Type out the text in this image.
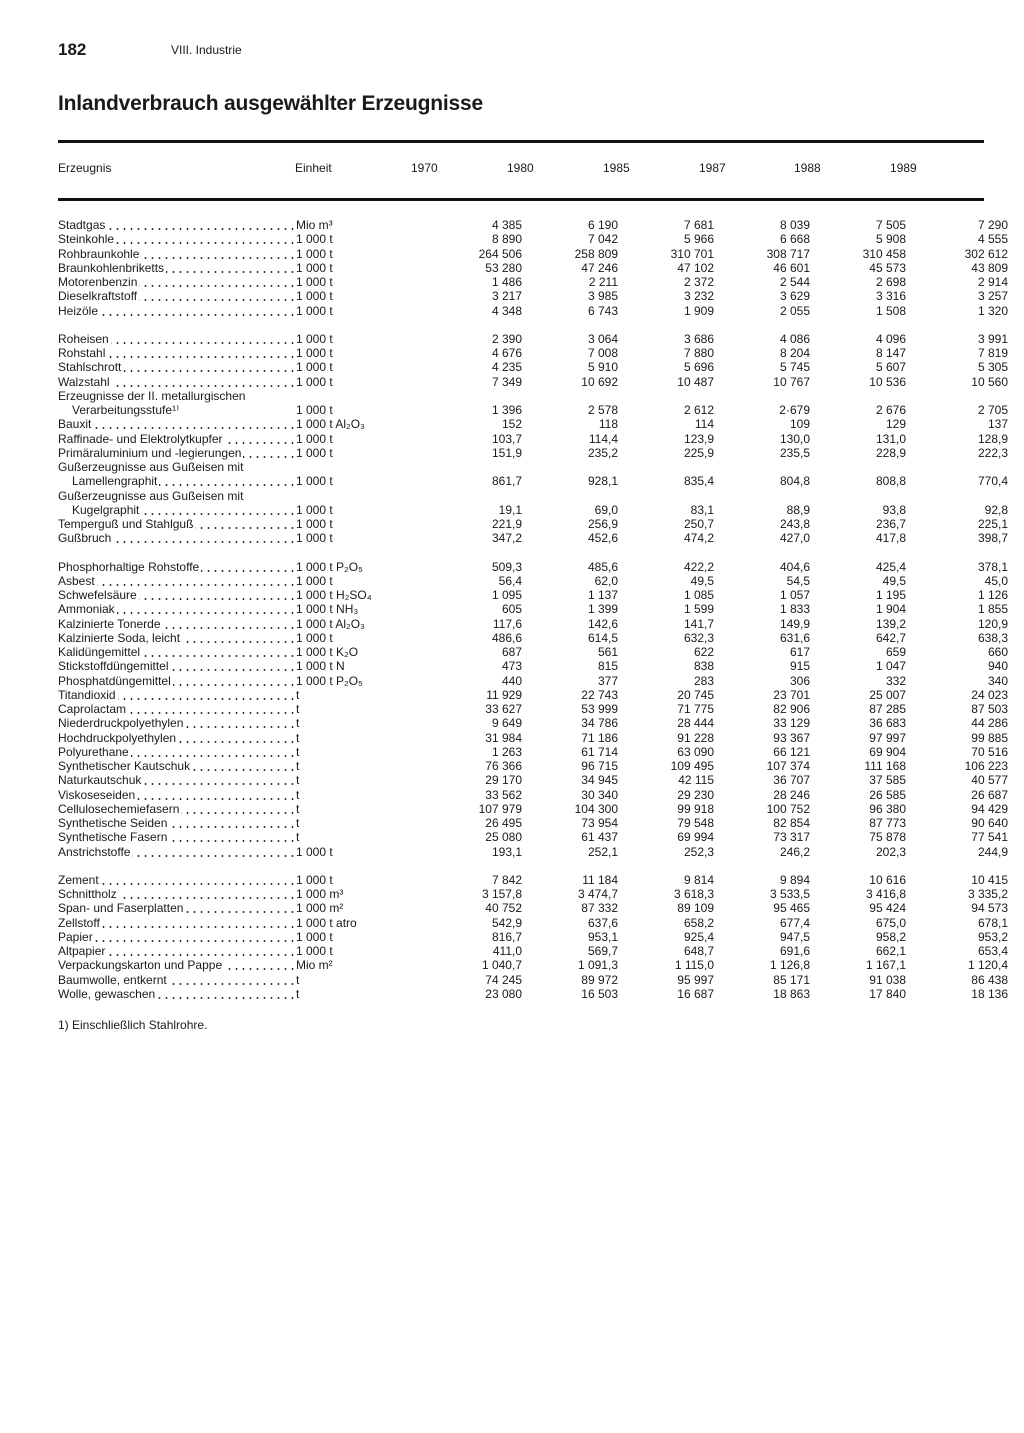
182	VIII. Industrie
Inlandverbrauch ausgewählter Erzeugnisse
Erzeugnis	Einheit	1970	1980	1985	1987	1988	1989
Stadtgas	Mio m³	4 385	6 190	7 681	8 039	7 505	7 290
Steinkohle	1 000 t	8 890	7 042	5 966	6 668	5 908	4 555
Rohbraunkohle	1 000 t	264 506	258 809	310 701	308 717	310 458	302 612
Braunkohlenbriketts	1 000 t	53 280	47 246	47 102	46 601	45 573	43 809
Motorenbenzin	1 000 t	1 486	2 211	2 372	2 544	2 698	2 914
Dieselkraftstoff	1 000 t	3 217	3 985	3 232	3 629	3 316	3 257
Heizöle	1 000 t	4 348	6 743	1 909	2 055	1 508	1 320

Roheisen	1 000 t	2 390	3 064	3 686	4 086	4 096	3 991
Rohstahl	1 000 t	4 676	7 008	7 880	8 204	8 147	7 819
Stahlschrott	1 000 t	4 235	5 910	5 696	5 745	5 607	5 305
Walzstahl	1 000 t	7 349	10 692	10 487	10 767	10 536	10 560
Erzeugnisse der II. metallurgischen							
Verarbeitungsstufe¹⁾	1 000 t	1 396	2 578	2 612	2·679	2 676	2 705
Bauxit	1 000 t Al₂O₃	152	118	114	109	129	137
Raffinade- und Elektrolytkupfer	1 000 t	103,7	114,4	123,9	130,0	131,0	128,9
Primäraluminium und -legierungen	1 000 t	151,9	235,2	225,9	235,5	228,9	222,3
Gußerzeugnisse aus Gußeisen mit							
Lamellengraphit	1 000 t	861,7	928,1	835,4	804,8	808,8	770,4
Gußerzeugnisse aus Gußeisen mit							
Kugelgraphit	1 000 t	19,1	69,0	83,1	88,9	93,8	92,8
Temperguß und Stahlguß	1 000 t	221,9	256,9	250,7	243,8	236,7	225,1
Gußbruch	1 000 t	347,2	452,6	474,2	427,0	417,8	398,7

Phosphorhaltige Rohstoffe	1 000 t P₂O₅	509,3	485,6	422,2	404,6	425,4	378,1
Asbest	1 000 t	56,4	62,0	49,5	54,5	49,5	45,0
Schwefelsäure	1 000 t H₂SO₄	1 095	1 137	1 085	1 057	1 195	1 126
Ammoniak	1 000 t NH₃	605	1 399	1 599	1 833	1 904	1 855
Kalzinierte Tonerde	1 000 t Al₂O₃	117,6	142,6	141,7	149,9	139,2	120,9
Kalzinierte Soda, leicht	1 000 t	486,6	614,5	632,3	631,6	642,7	638,3
Kalidüngemittel	1 000 t K₂O	687	561	622	617	659	660
Stickstoffdüngemittel	1 000 t N	473	815	838	915	1 047	940
Phosphatdüngemittel	1 000 t P₂O₅	440	377	283	306	332	340
Titandioxid	t	11 929	22 743	20 745	23 701	25 007	24 023
Caprolactam	t	33 627	53 999	71 775	82 906	87 285	87 503
Niederdruckpolyethylen	t	9 649	34 786	28 444	33 129	36 683	44 286
Hochdruckpolyethylen	t	31 984	71 186	91 228	93 367	97 997	99 885
Polyurethane	t	1 263	61 714	63 090	66 121	69 904	70 516
Synthetischer Kautschuk	t	76 366	96 715	109 495	107 374	111 168	106 223
Naturkautschuk	t	29 170	34 945	42 115	36 707	37 585	40 577
Viskoseseiden	t	33 562	30 340	29 230	28 246	26 585	26 687
Cellulosechemiefasern	t	107 979	104 300	99 918	100 752	96 380	94 429
Synthetische Seiden	t	26 495	73 954	79 548	82 854	87 773	90 640
Synthetische Fasern	t	25 080	61 437	69 994	73 317	75 878	77 541
Anstrichstoffe	1 000 t	193,1	252,1	252,3	246,2	202,3	244,9

Zement	1 000 t	7 842	11 184	9 814	9 894	10 616	10 415
Schnittholz	1 000 m³	3 157,8	3 474,7	3 618,3	3 533,5	3 416,8	3 335,2
Span- und Faserplatten	1 000 m²	40 752	87 332	89 109	95 465	95 424	94 573
Zellstoff	1 000 t atro	542,9	637,6	658,2	677,4	675,0	678,1
Papier	1 000 t	816,7	953,1	925,4	947,5	958,2	953,2
Altpapier	1 000 t	411,0	569,7	648,7	691,6	662,1	653,4
Verpackungskarton und Pappe	Mio m²	1 040,7	1 091,3	1 115,0	1 126,8	1 167,1	1 120,4
Baumwolle, entkernt	t	74 245	89 972	95 997	85 171	91 038	86 438
Wolle, gewaschen	t	23 080	16 503	16 687	18 863	17 840	18 136
1) Einschließlich Stahlrohre.
